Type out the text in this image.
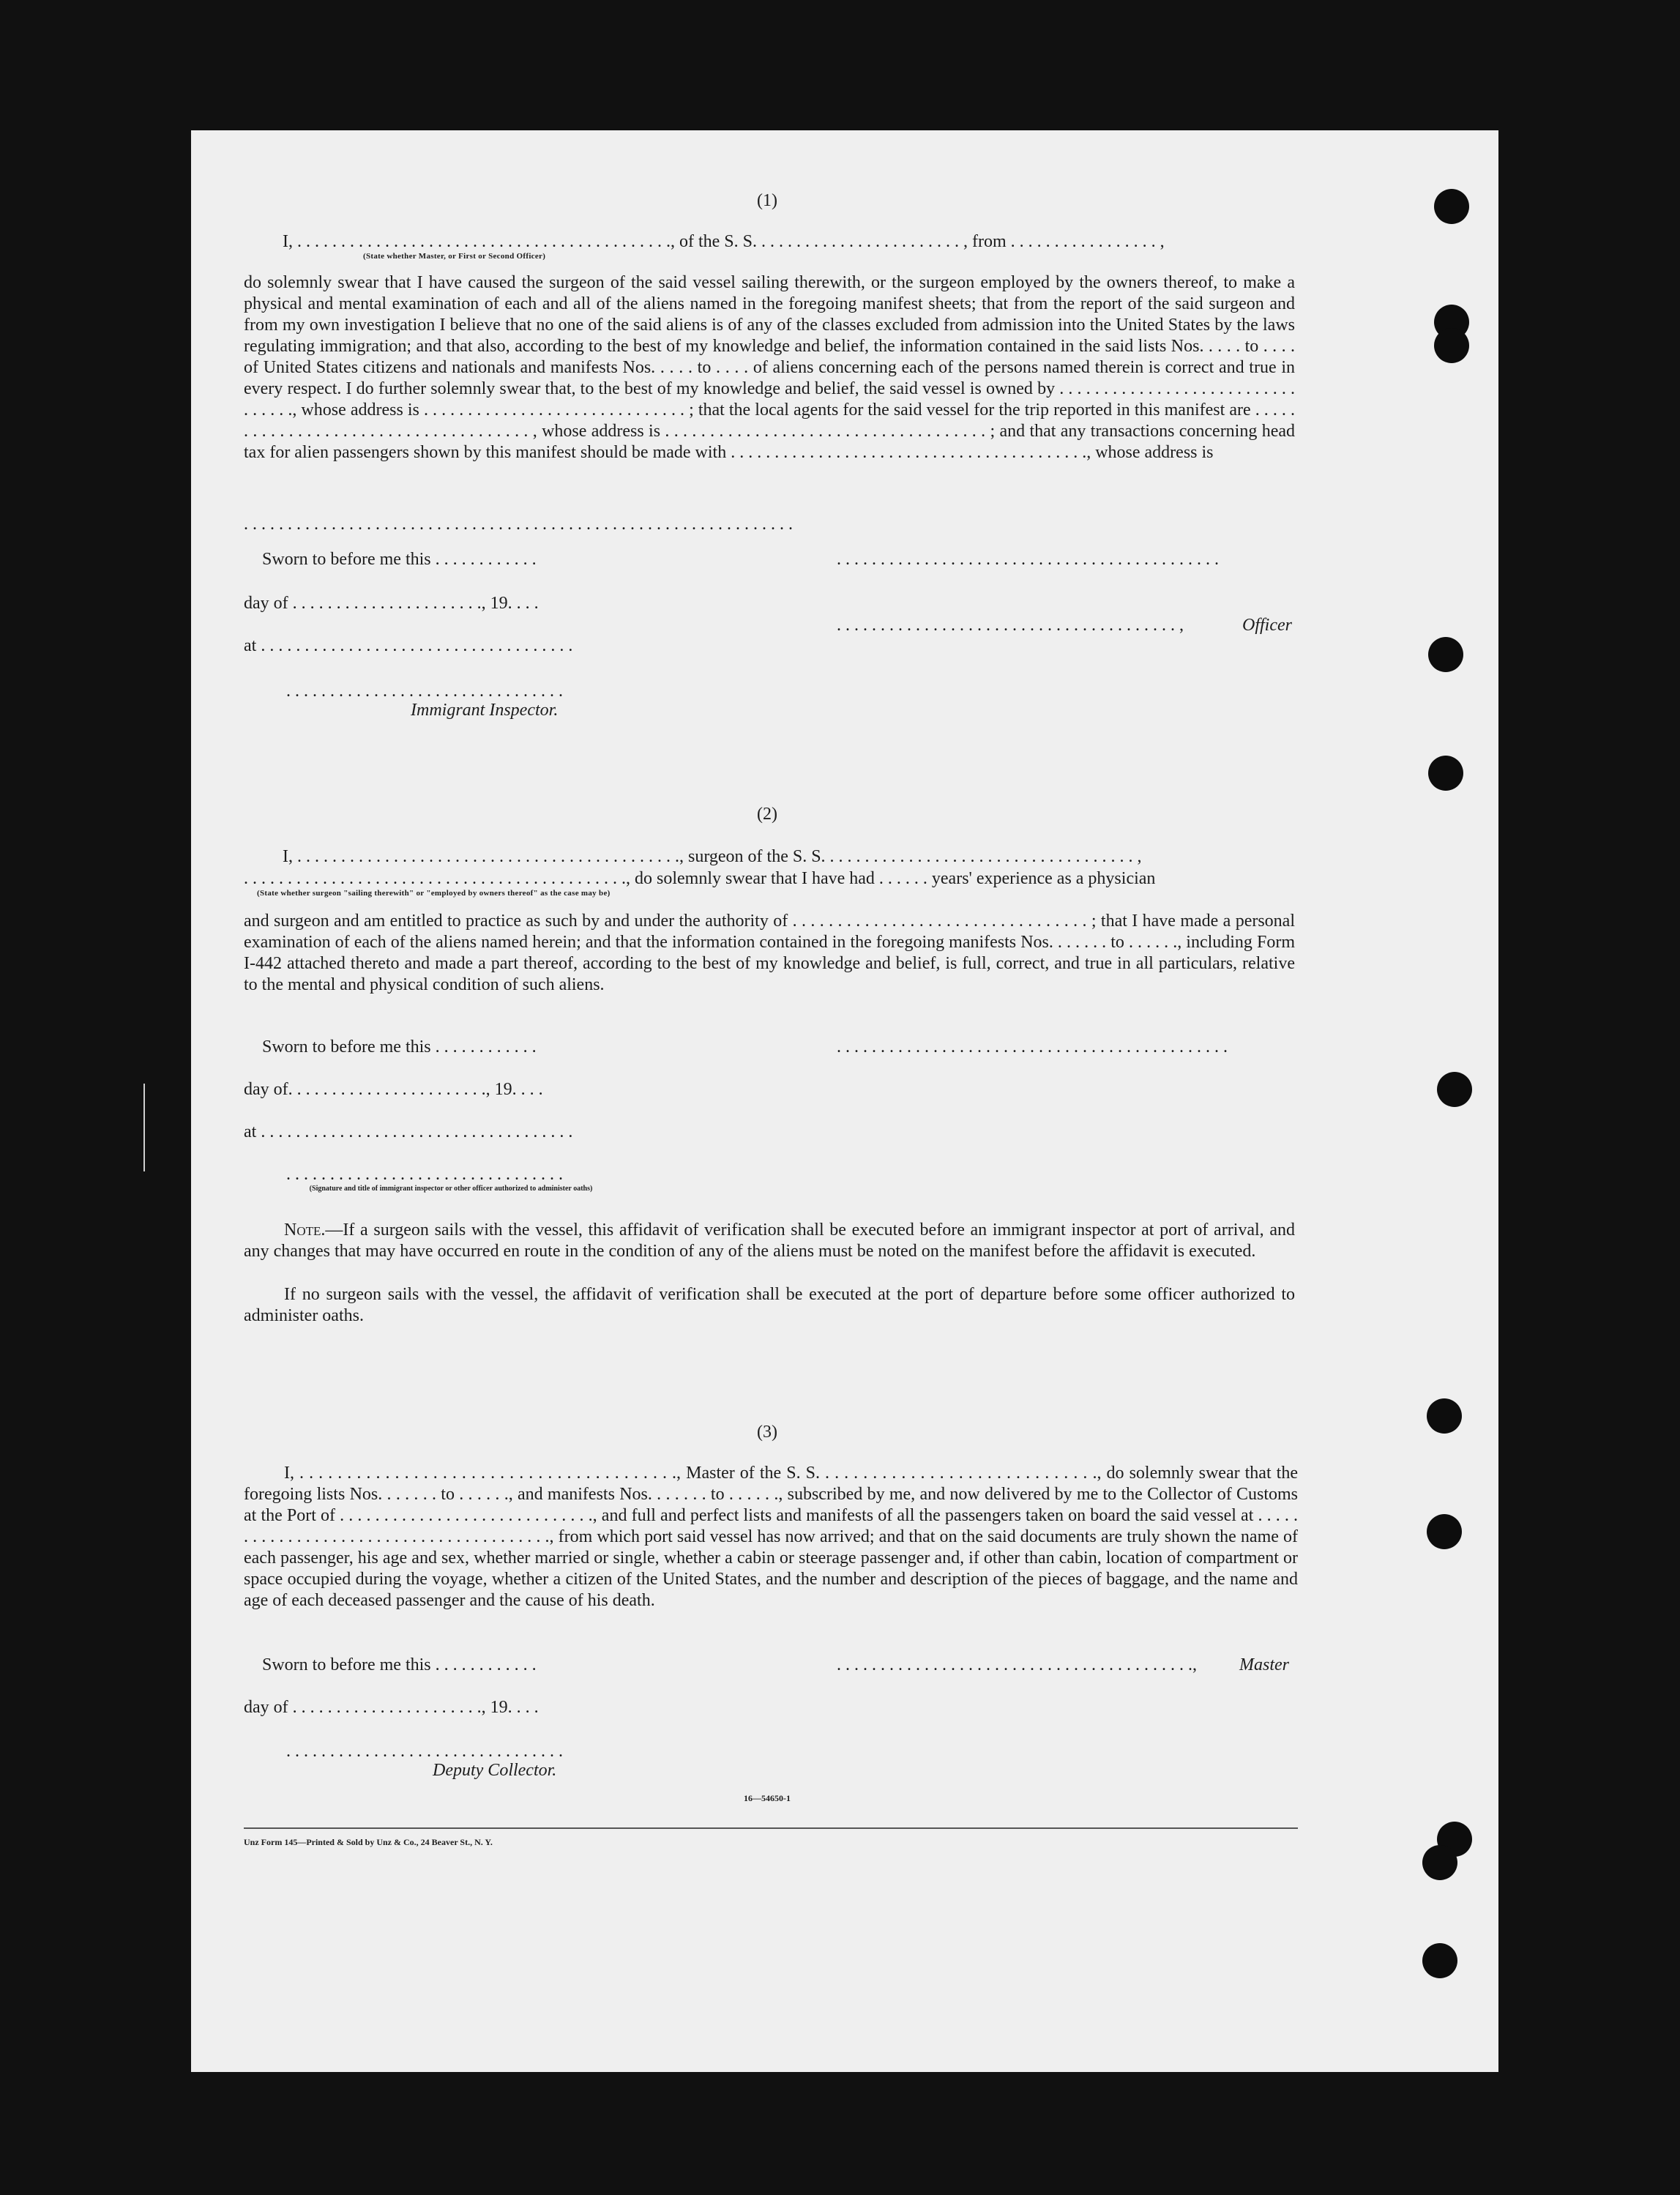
(1)

I, . . . . . . . . . . . . . . . . . . . . . . . . . . . . . . . . . . . . . . . . . . ., of the S. S. . . . . . . . . . . . . . . . . . . . . . . . , from . . . . . . . . . . . . . . . . . ,

(State whether Master, or First or Second Officer)

do solemnly swear that I have caused the surgeon of the said vessel sailing therewith, or the surgeon employed by the owners thereof, to make a physical and mental examination of each and all of the aliens named in the foregoing manifest sheets; that from the report of the said surgeon and from my own investigation I believe that no one of the said aliens is of any of the classes excluded from admission into the United States by the laws regulating immigration; and that also, according to the best of my knowledge and belief, the information contained in the said lists Nos. . . . . to . . . . of United States citizens and nationals and manifests Nos. . . . . to . . . . of aliens concerning each of the persons named therein is correct and true in every respect. I do further solemnly swear that, to the best of my knowledge and belief, the said vessel is owned by . . . . . . . . . . . . . . . . . . . . . . . . . . . . . . . . ., whose address is . . . . . . . . . . . . . . . . . . . . . . . . . . . . . . ; that the local agents for the said vessel for the trip reported in this manifest are . . . . . . . . . . . . . . . . . . . . . . . . . . . . . . . . . . . . . , whose address is . . . . . . . . . . . . . . . . . . . . . . . . . . . . . . . . . . . . ; and that any transactions concerning head tax for alien passengers shown by this manifest should be made with . . . . . . . . . . . . . . . . . . . . . . . . . . . . . . . . . . . . . . . . ., whose address is

. . . . . . . . . . . . . . . . . . . . . . . . . . . . . . . . . . . . . . . . . . . . . . . . . . . . . . . . . . . . . . .

Sworn to before me this . . . . . . . . . . . .	. . . . . . . . . . . . . . . . . . . . . . . . . . . . . . . . . . . . . . . . . . . .

day of . . . . . . . . . . . . . . . . . . . . . ., 19. . . .

. . . . . . . . . . . . . . . . . . . . . . . . . . . . . . . . . . . . . . . ,	Officer

at . . . . . . . . . . . . . . . . . . . . . . . . . . . . . . . . . . . .

. . . . . . . . . . . . . . . . . . . . . . . . . . . . . . . .

Immigrant Inspector.

(2)

I, . . . . . . . . . . . . . . . . . . . . . . . . . . . . . . . . . . . . . . . . . . . ., surgeon of the S. S. . . . . . . . . . . . . . . . . . . . . . . . . . . . . . . . . . . . ,

. . . . . . . . . . . . . . . . . . . . . . . . . . . . . . . . . . . . . . . . . . . ., do solemnly swear that I have had . . . . . . years' experience as a physician

(State whether surgeon "sailing therewith" or "employed by owners thereof" as the case may be)

and surgeon and am entitled to practice as such by and under the authority of . . . . . . . . . . . . . . . . . . . . . . . . . . . . . . . . . ; that I have made a personal examination of each of the aliens named herein; and that the information contained in the foregoing manifests Nos. . . . . . . to . . . . . ., including Form I-442 attached thereto and made a part thereof, according to the best of my knowledge and belief, is full, correct, and true in all particulars, relative to the mental and physical condition of such aliens.

Sworn to before me this . . . . . . . . . . . .	. . . . . . . . . . . . . . . . . . . . . . . . . . . . . . . . . . . . . . . . . . . . .

day of. . . . . . . . . . . . . . . . . . . . . . ., 19. . . .

at . . . . . . . . . . . . . . . . . . . . . . . . . . . . . . . . . . . .

. . . . . . . . . . . . . . . . . . . . . . . . . . . . . . . .

(Signature and title of immigrant inspector or other officer authorized to administer oaths)

Note.—If a surgeon sails with the vessel, this affidavit of verification shall be executed before an immigrant inspector at port of arrival, and any changes that may have occurred en route in the condition of any of the aliens must be noted on the manifest before the affidavit is executed.

If no surgeon sails with the vessel, the affidavit of verification shall be executed at the port of departure before some officer authorized to administer oaths.

(3)

I, . . . . . . . . . . . . . . . . . . . . . . . . . . . . . . . . . . . . . . . ., Master of the S. S. . . . . . . . . . . . . . . . . . . . . . . . . . . . . ., do solemnly swear that the foregoing lists Nos. . . . . . . to . . . . . ., and manifests Nos. . . . . . . to . . . . . ., subscribed by me, and now delivered by me to the Collector of Customs at the Port of . . . . . . . . . . . . . . . . . . . . . . . . . . . . ., and full and perfect lists and manifests of all the passengers taken on board the said vessel at . . . . . . . . . . . . . . . . . . . . . . . . . . . . . . . . . . . . . . . ., from which port said vessel has now arrived; and that on the said documents are truly shown the name of each passenger, his age and sex, whether married or single, whether a cabin or steerage passenger and, if other than cabin, location of compartment or space occupied during the voyage, whether a citizen of the United States, and the number and description of the pieces of baggage, and the name and age of each deceased passenger and the cause of his death.

Sworn to before me this . . . . . . . . . . . .	. . . . . . . . . . . . . . . . . . . . . . . . . . . . . . . . . . . . . . . . .,	Master

day of . . . . . . . . . . . . . . . . . . . . . ., 19. . . .

. . . . . . . . . . . . . . . . . . . . . . . . . . . . . . . .

Deputy Collector.

16—54650-1

Unz Form 145—Printed & Sold by Unz & Co., 24 Beaver St., N. Y.
